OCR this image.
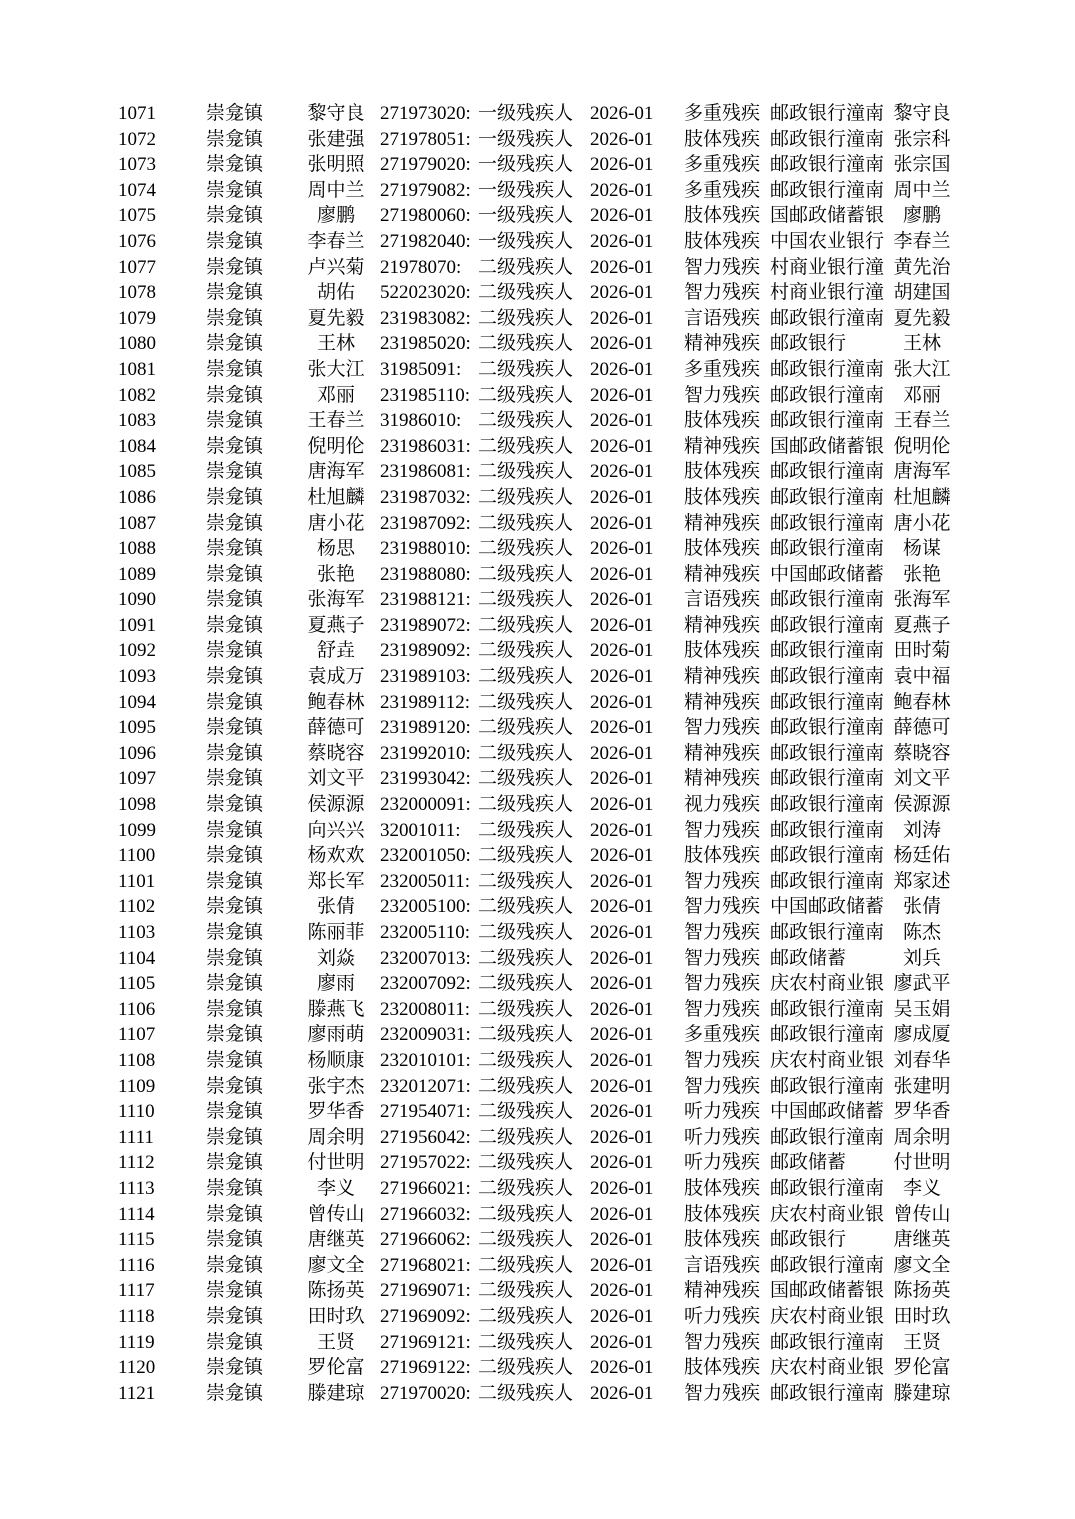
1071	崇龛镇	黎守良 271973020: 一级残疾人 2026-01	多重残疾 邮政银行潼南 黎守良
1072	崇龛镇	张建强 271978051: 一级残疾人 2026-01	肢体残疾 邮政银行潼南 张宗科
1073	崇龛镇	张明照 271979020: 一级残疾人 2026-01	多重残疾 邮政银行潼南 张宗国
1074	崇龛镇	周中兰 271979082: 一级残疾人 2026-01	多重残疾 邮政银行潼南 周中兰
1075	崇龛镇	廖鹏	271980060: 一级残疾人 2026-01	肢体残疾 国邮政储蓄银 廖鹏
1076	崇龛镇	李春兰 271982040: 一级残疾人 2026-01	肢体残疾 中国农业银行 李春兰
1077	崇龛镇	卢兴菊 21978070: 二级残疾人 2026-01	智力残疾 村商业银行潼 黄先治
1078	崇龛镇	胡佑	522023020: 二级残疾人 2026-01	智力残疾 村商业银行潼 胡建国
1079	崇龛镇	夏先毅 231983082: 二级残疾人 2026-01	言语残疾 邮政银行潼南 夏先毅
1080	崇龛镇	王林	231985020: 二级残疾人 2026-01	精神残疾 邮政银行	王林
1081	崇龛镇	张大江 31985091: 二级残疾人 2026-01	多重残疾 邮政银行潼南 张大江
1082	崇龛镇	邓丽	231985110: 二级残疾人 2026-01	智力残疾 邮政银行潼南 邓丽
1083	崇龛镇	王春兰 31986010: 二级残疾人 2026-01	肢体残疾 邮政银行潼南 王春兰
1084	崇龛镇	倪明伦 231986031: 二级残疾人 2026-01	精神残疾 国邮政储蓄银 倪明伦
1085	崇龛镇	唐海军 231986081: 二级残疾人 2026-01	肢体残疾 邮政银行潼南 唐海军
1086	崇龛镇	杜旭麟 231987032: 二级残疾人 2026-01	肢体残疾 邮政银行潼南 杜旭麟
1087	崇龛镇	唐小花 231987092: 二级残疾人 2026-01	精神残疾 邮政银行潼南 唐小花
1088	崇龛镇	杨思	231988010: 二级残疾人 2026-01	肢体残疾 邮政银行潼南 杨谋
1089	崇龛镇	张艳	231988080: 二级残疾人 2026-01	精神残疾 中国邮政储蓄 张艳
1090	崇龛镇	张海军 231988121: 二级残疾人 2026-01	言语残疾 邮政银行潼南 张海军
1091	崇龛镇	夏燕子 231989072: 二级残疾人 2026-01	精神残疾 邮政银行潼南 夏燕子
1092	崇龛镇	舒垚	231989092: 二级残疾人 2026-01	肢体残疾 邮政银行潼南 田时菊
1093	崇龛镇	袁成万 231989103: 二级残疾人 2026-01	精神残疾 邮政银行潼南 袁中福
1094	崇龛镇	鲍春林 231989112: 二级残疾人 2026-01	精神残疾 邮政银行潼南 鲍春林
1095	崇龛镇	薛德可 231989120: 二级残疾人 2026-01	智力残疾 邮政银行潼南 薛德可
1096	崇龛镇	蔡晓容 231992010: 二级残疾人 2026-01	精神残疾 邮政银行潼南 蔡晓容
1097	崇龛镇	刘文平 231993042: 二级残疾人 2026-01	精神残疾 邮政银行潼南 刘文平
1098	崇龛镇	侯源源 232000091: 二级残疾人 2026-01	视力残疾 邮政银行潼南 侯源源
1099	崇龛镇	向兴兴 32001011: 二级残疾人 2026-01	智力残疾 邮政银行潼南 刘涛
1100	崇龛镇	杨欢欢 232001050: 二级残疾人 2026-01	肢体残疾 邮政银行潼南 杨廷佑
1101	崇龛镇	郑长军 232005011: 二级残疾人 2026-01	智力残疾 邮政银行潼南 郑家述
1102	崇龛镇	张倩	232005100: 二级残疾人 2026-01	智力残疾 中国邮政储蓄 张倩
1103	崇龛镇	陈丽菲 232005110: 二级残疾人 2026-01	智力残疾 邮政银行潼南 陈杰
1104	崇龛镇	刘焱	232007013: 二级残疾人 2026-01	智力残疾 邮政储蓄	刘兵
1105	崇龛镇	廖雨	232007092: 二级残疾人 2026-01	智力残疾 庆农村商业银 廖武平
1106	崇龛镇	滕燕飞 232008011: 二级残疾人 2026-01	智力残疾 邮政银行潼南 吴玉娟
1107	崇龛镇	廖雨萌 232009031: 二级残疾人 2026-01	多重残疾 邮政银行潼南 廖成厦
1108	崇龛镇	杨顺康 232010101: 二级残疾人 2026-01	智力残疾 庆农村商业银 刘春华
1109	崇龛镇	张宇杰 232012071: 二级残疾人 2026-01	智力残疾 邮政银行潼南 张建明
1110	崇龛镇	罗华香 271954071: 二级残疾人 2026-01	听力残疾 中国邮政储蓄 罗华香
1111	崇龛镇	周余明 271956042: 二级残疾人 2026-01	听力残疾 邮政银行潼南 周余明
1112	崇龛镇	付世明 271957022: 二级残疾人 2026-01	听力残疾 邮政储蓄	付世明
1113	崇龛镇	李义	271966021: 二级残疾人 2026-01	肢体残疾 邮政银行潼南 李义
1114	崇龛镇	曾传山 271966032: 二级残疾人 2026-01	肢体残疾 庆农村商业银 曾传山
1115	崇龛镇	唐继英 271966062: 二级残疾人 2026-01	肢体残疾 邮政银行	唐继英
1116	崇龛镇	廖文全 271968021: 二级残疾人 2026-01	言语残疾 邮政银行潼南 廖文全
1117	崇龛镇	陈扬英 271969071: 二级残疾人 2026-01	精神残疾 国邮政储蓄银 陈扬英
1118	崇龛镇	田时玖 271969092: 二级残疾人 2026-01	听力残疾 庆农村商业银 田时玖
1119	崇龛镇	王贤	271969121: 二级残疾人 2026-01	智力残疾 邮政银行潼南 王贤
1120	崇龛镇	罗伦富 271969122: 二级残疾人 2026-01	肢体残疾 庆农村商业银 罗伦富
1121	崇龛镇	滕建琼 271970020: 二级残疾人 2026-01	智力残疾 邮政银行潼南 滕建琼
